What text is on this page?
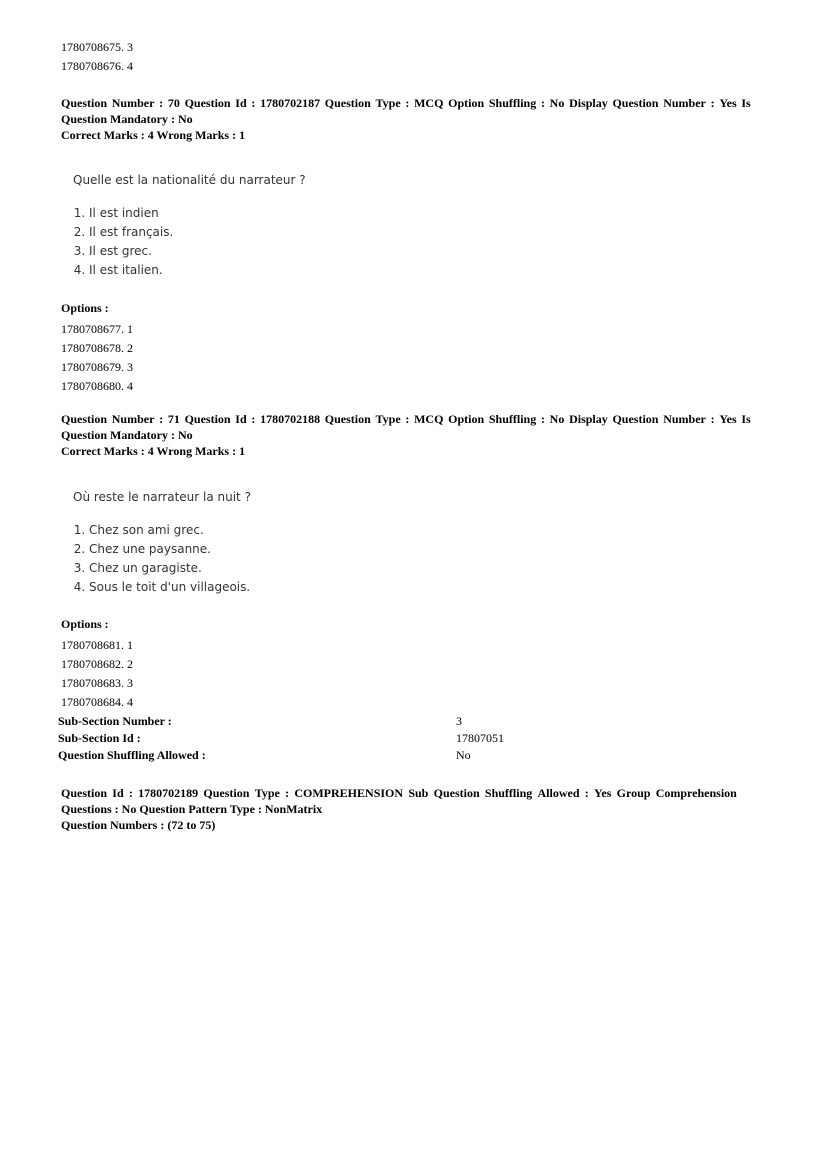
1780708675. 3
1780708676. 4
Question Number : 70 Question Id : 1780702187 Question Type : MCQ Option Shuffling : No Display Question Number : Yes Is
Question Mandatory : No
Correct Marks : 4 Wrong Marks : 1
Quelle est la nationalité du narrateur ?
1. Il est indien
2. Il est français.
3. Il est grec.
4. Il est italien.
Options :
1780708677. 1
1780708678. 2
1780708679. 3
1780708680. 4
Question Number : 71 Question Id : 1780702188 Question Type : MCQ Option Shuffling : No Display Question Number : Yes Is
Question Mandatory : No
Correct Marks : 4 Wrong Marks : 1
Où reste le narrateur la nuit ?
1. Chez son ami grec.
2. Chez une paysanne.
3. Chez un garagiste.
4. Sous le toit d'un villageois.
Options :
1780708681. 1
1780708682. 2
1780708683. 3
1780708684. 4
Sub-Section Number :	3
Sub-Section Id :	17807051
Question Shuffling Allowed :	No
Question Id : 1780702189 Question Type : COMPREHENSION Sub Question Shuffling Allowed : Yes Group Comprehension
Questions : No Question Pattern Type : NonMatrix
Question Numbers : (72 to 75)
